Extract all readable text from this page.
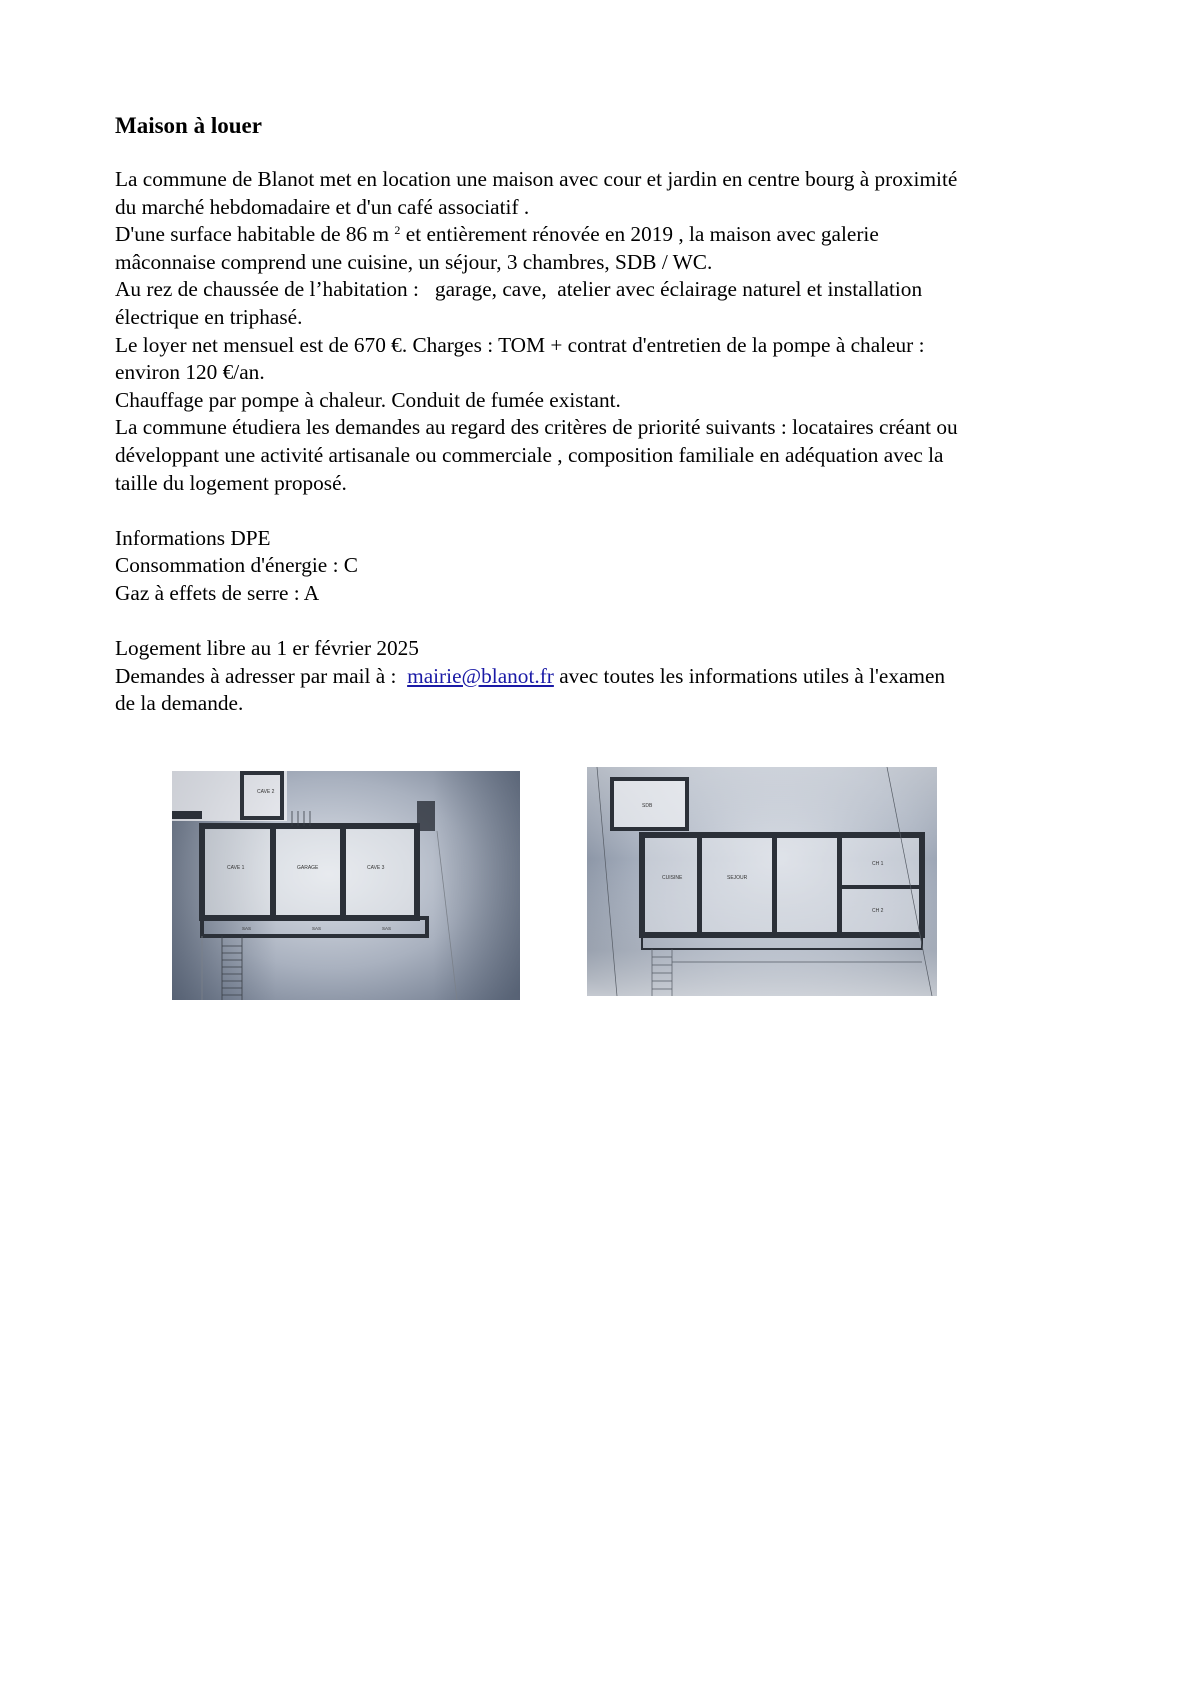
Maison à louer

La commune de Blanot met en location une maison avec cour et jardin en centre bourg à proximité

du marché hebdomadaire et d'un café associatif .

D'une surface habitable de 86 m $^2$ et entièrement rénovée en 2019 , la maison avec galerie

mâconnaise comprend une cuisine, un séjour, 3 chambres, SDB / WC.

Au rez de chaussée de l’habitation :   garage, cave,  atelier avec éclairage naturel et installation

électrique en triphasé.

Le loyer net mensuel est de 670 €. Charges : TOM + contrat d'entretien de la pompe à chaleur :

environ 120 €/an.

Chauffage par pompe à chaleur. Conduit de fumée existant.

La commune étudiera les demandes au regard des critères de priorité suivants : locataires créant ou

développant une activité artisanale ou commerciale , composition familiale en adéquation avec la

taille du logement proposé.

Informations DPE

Consommation d'énergie : C

Gaz à effets de serre : A

Logement libre au 1 er février 2025

Demandes à adresser par mail à :  mairie@blanot.fr avec toutes les informations utiles à l'examen

de la demande.

CAVE 2
CAVE 1	GARAGE	CAVE 3
SAS	SAS	SAS
SDB
CUISINE	SEJOUR
CH 1
CH 2
